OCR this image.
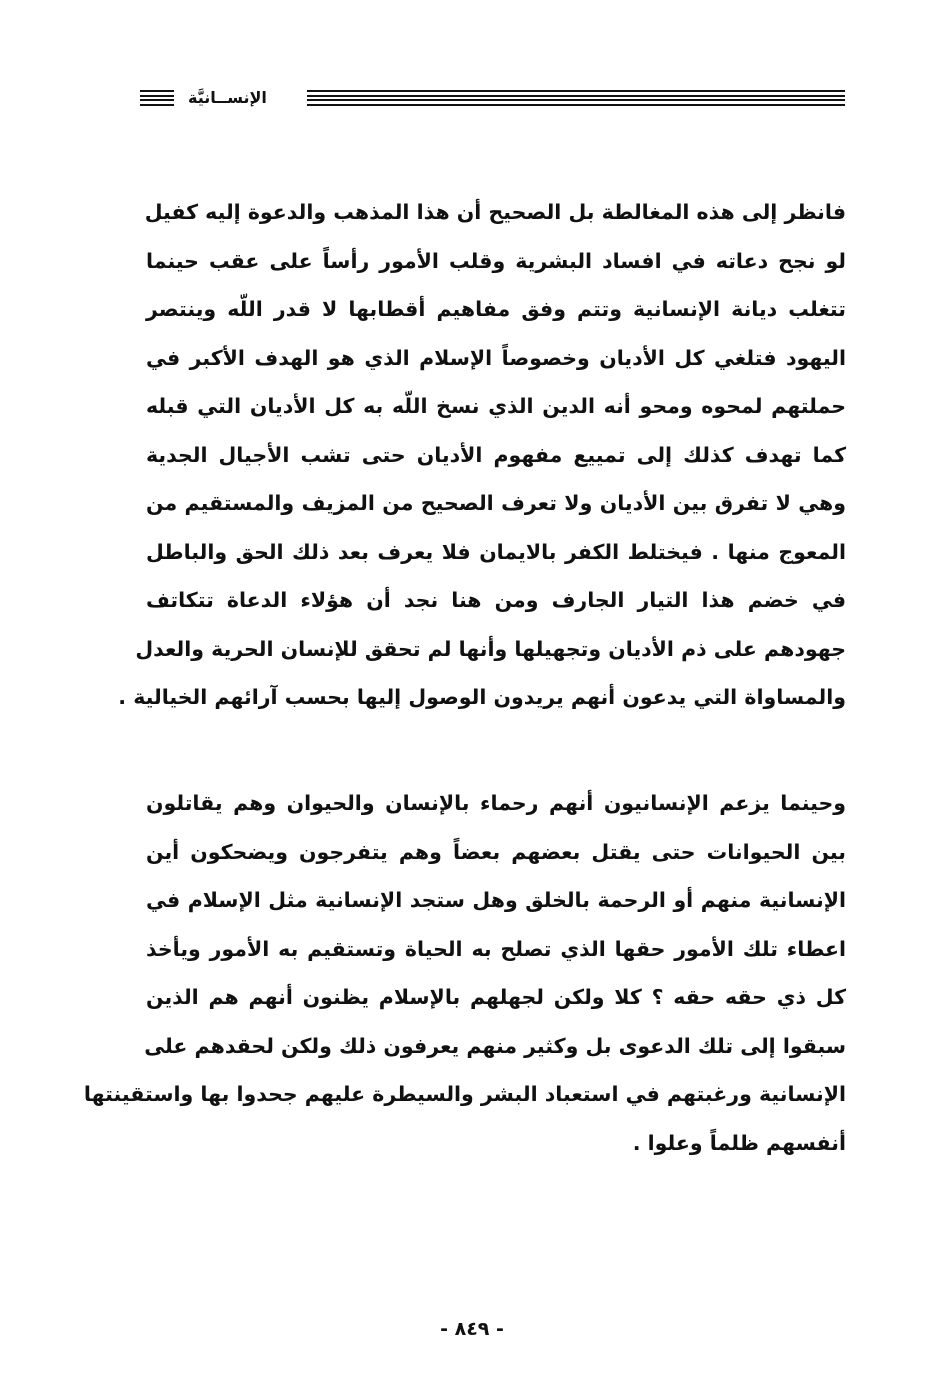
الإنســانيَّة
فانظر إلى هذه المغالطة بل الصحيح أن هذا المذهب والدعوة إليه كفيل
لو نجح دعاته في افساد البشرية وقلب الأمور رأساً على عقب حينما
تتغلب ديانة الإنسانية وتتم وفق مفاهيم أقطابها لا قدر اللّه وينتصر
اليهود فتلغي كل الأديان وخصوصاً الإسلام الذي هو الهدف الأكبر في
حملتهم لمحوه ومحو أنه الدين الذي نسخ اللّه به كل الأديان التي قبله
كما تهدف كذلك إلى تمييع مفهوم الأديان حتى تشب الأجيال الجدية
وهي لا تفرق بين الأديان ولا تعرف الصحيح من المزيف والمستقيم من
المعوج منها . فيختلط الكفر بالايمان فلا يعرف بعد ذلك الحق والباطل
في خضم هذا التيار الجارف ومن هنا نجد أن هؤلاء الدعاة تتكاتف
جهودهم على ذم الأديان وتجهيلها وأنها لم تحقق للإنسان الحرية والعدل
والمساواة التي يدعون أنهم يريدون الوصول إليها بحسب آرائهم الخيالية .
وحينما يزعم الإنسانيون أنهم رحماء بالإنسان والحيوان وهم يقاتلون
بين الحيوانات حتى يقتل بعضهم بعضاً وهم يتفرجون ويضحكون أين
الإنسانية منهم أو الرحمة بالخلق وهل ستجد الإنسانية مثل الإسلام في
اعطاء تلك الأمور حقها الذي تصلح به الحياة وتستقيم به الأمور ويأخذ
كل ذي حقه حقه ؟ كلا ولكن لجهلهم بالإسلام يظنون أنهم هم الذين
سبقوا إلى تلك الدعوى بل وكثير منهم يعرفون ذلك ولكن لحقدهم على
الإنسانية ورغبتهم في استعباد البشر والسيطرة عليهم جحدوا بها واستقينتها
أنفسهم ظلماً وعلوا .
- ٨٤٩ -
